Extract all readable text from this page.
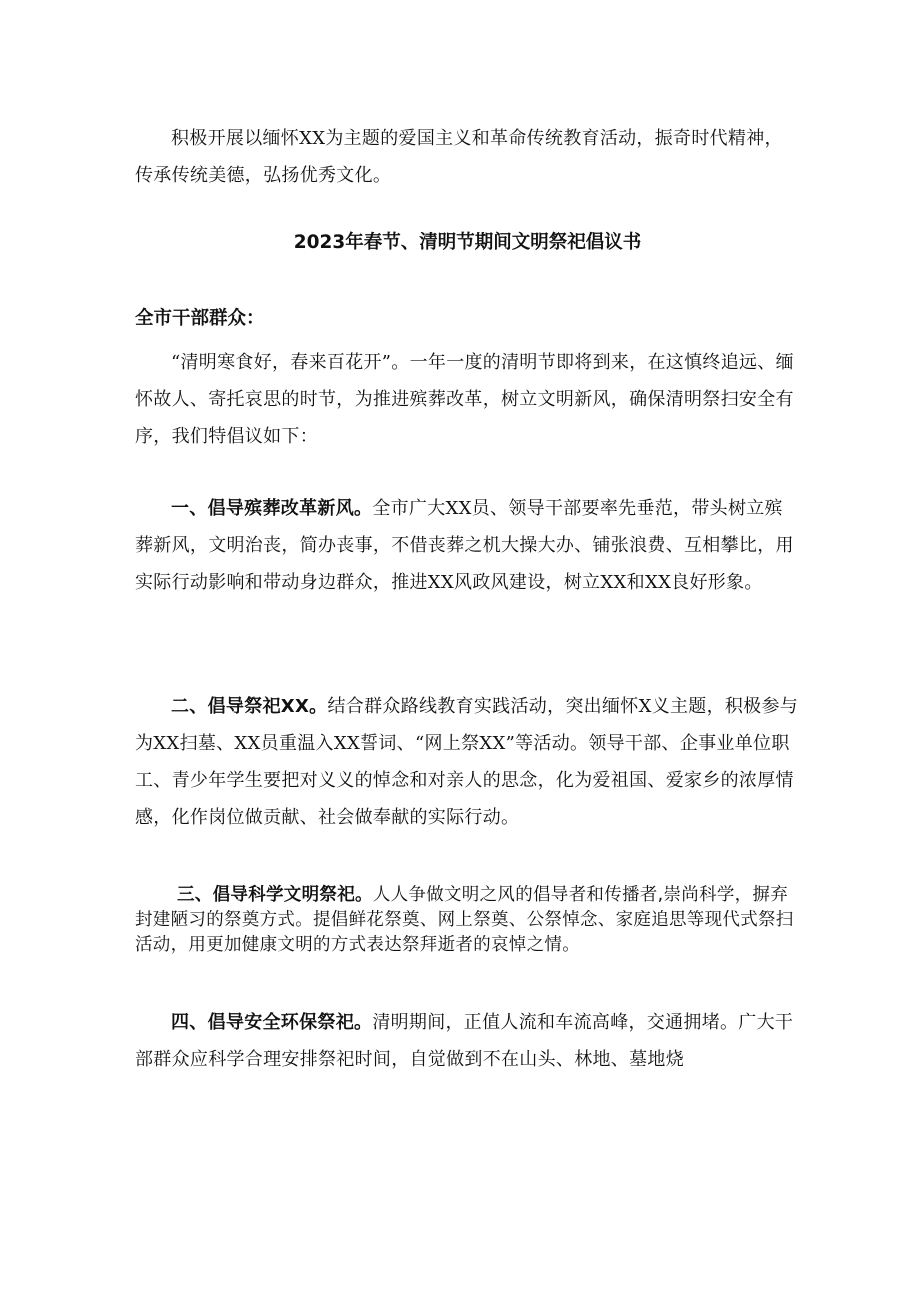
积极开展以缅怀XX为主题的爱国主义和革命传统教育活动，振奇时代精神，传承传统美德，弘扬优秀文化。

2023年春节、清明节期间文明祭祀倡议书
全市干部群众：

“清明寒食好，春来百花开”。一年一度的清明节即将到来，在这慎终追远、缅怀故人、寄托哀思的时节，为推进殡葬改革，树立文明新风，确保清明祭扫安全有序，我们特倡议如下：

一、倡导殡葬改革新风。全市广大XX员、领导干部要率先垂范，带头树立殡葬新风，文明治丧，简办丧事，不借丧葬之机大操大办、铺张浪费、互相攀比，用实际行动影响和带动身边群众，推进XX风政风建设，树立XX和XX良好形象。

二、倡导祭祀XX。结合群众路线教育实践活动，突出缅怀X义主题，积极参与为XX扫墓、XX员重温入XX誓词、“网上祭XX”等活动。领导干部、企事业单位职工、青少年学生要把对义义的悼念和对亲人的思念，化为爱祖国、爱家乡的浓厚情感，化作岗位做贡献、社会做奉献的实际行动。

三、倡导科学文明祭祀。人人争做文明之风的倡导者和传播者,崇尚科学，摒弃封建陋习的祭奠方式。提倡鲜花祭奠、网上祭奠、公祭悼念、家庭追思等现代式祭扫活动，用更加健康文明的方式表达祭拜逝者的哀悼之情。

四、倡导安全环保祭祀。清明期间，正值人流和车流高峰，交通拥堵。广大干部群众应科学合理安排祭祀时间，自觉做到不在山头、林地、墓地烧
